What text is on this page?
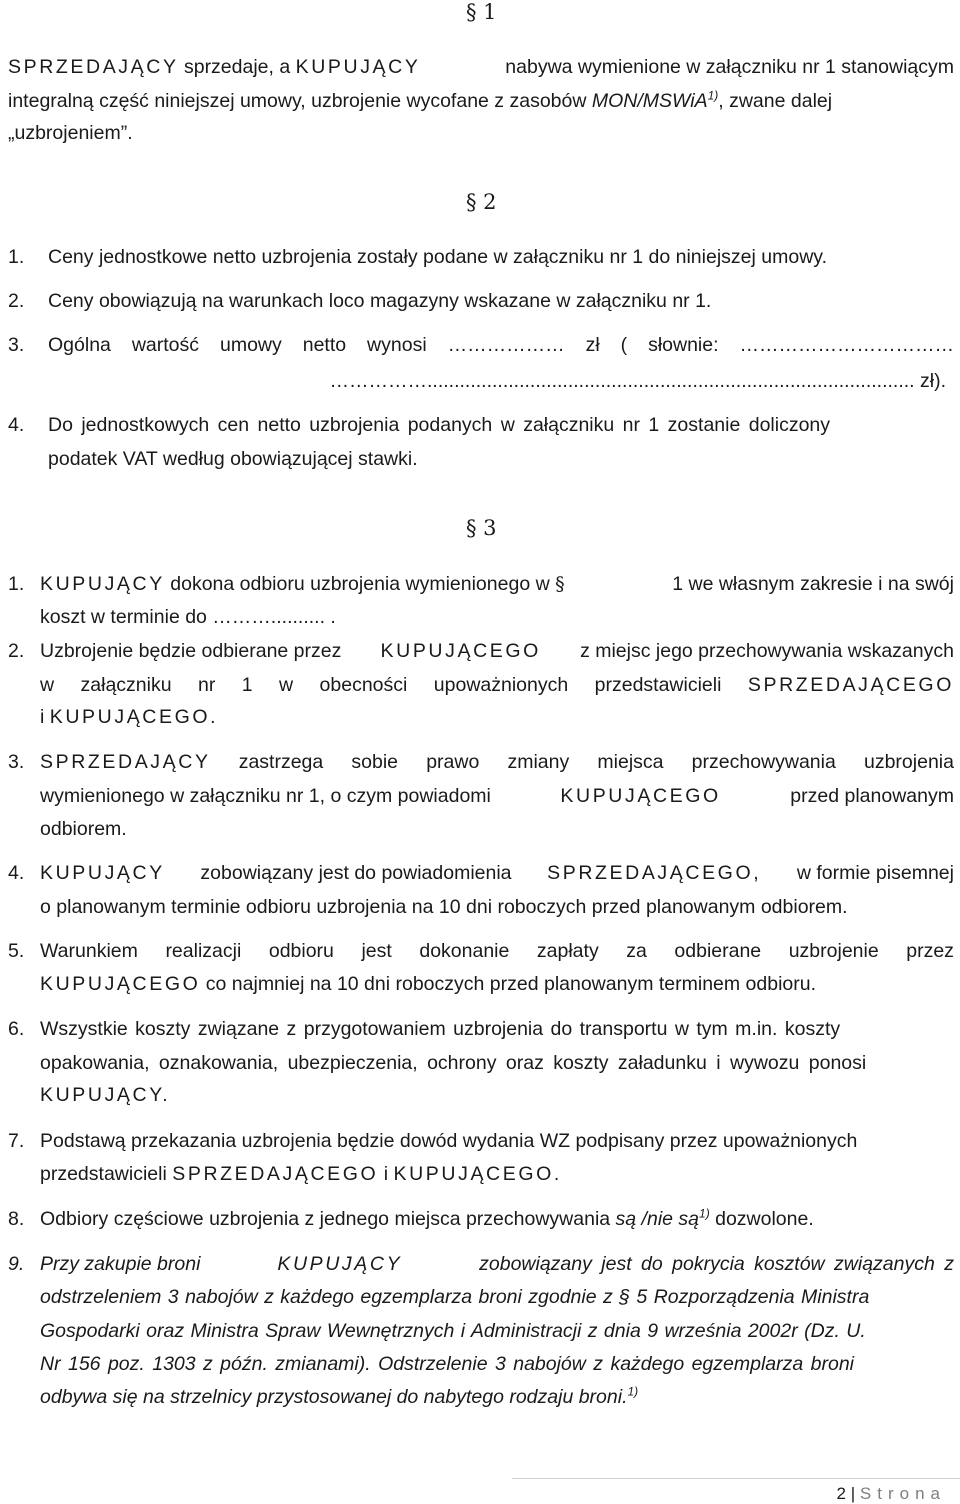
§ 1
SPRZEDAJĄCY sprzedaje, a KUPUJĄCY	nabywa wymienione w załączniku nr 1 stanowiącym
integralną część niniejszej umowy, uzbrojenie wycofane z zasobów MON/MSWiA$^{1)}$, zwane dalej
„uzbrojeniem”.
§ 2
1. Ceny jednostkowe netto uzbrojenia zostały podane w załączniku nr 1 do niniejszej umowy.
2. Ceny obowiązują na warunkach loco magazyny wskazane w załączniku nr 1.
3. Ogólna wartość umowy netto wynosi ……………… zł ( słownie: ……………………………
…………….......................................................................................... zł).
4. Do jednostkowych cen netto uzbrojenia podanych w załączniku nr 1 zostanie doliczony
podatek VAT według obowiązującej stawki.
§ 3
1. KUPUJĄCY dokona odbioru uzbrojenia wymienionego w §	1 we własnym zakresie i na swój
koszt w terminie do ……….......... .
2. Uzbrojenie będzie odbierane przez KUPUJĄCEGO z miejsc jego przechowywania wskazanych
w załączniku nr 1 w obecności upoważnionych przedstawicieli SPRZEDAJĄCEGO
i KUPUJĄCEGO.
3. SPRZEDAJĄCY zastrzega sobie prawo zmiany miejsca przechowywania uzbrojenia
wymienionego w załączniku nr 1, o czym powiadomi	KUPUJĄCEGO	przed planowanym
odbiorem.
4. KUPUJĄCY zobowiązany jest do powiadomienia SPRZEDAJĄCEGO, w formie pisemnej
o planowanym terminie odbioru uzbrojenia na 10 dni roboczych przed planowanym odbiorem.
5. Warunkiem realizacji odbioru jest dokonanie zapłaty za odbierane uzbrojenie przez
KUPUJĄCEGO co najmniej na 10 dni roboczych przed planowanym terminem odbioru.
6. Wszystkie koszty związane z przygotowaniem uzbrojenia do transportu w tym m.in. koszty
opakowania, oznakowania, ubezpieczenia, ochrony oraz koszty załadunku i wywozu ponosi
KUPUJĄCY.
7. Podstawą przekazania uzbrojenia będzie dowód wydania WZ podpisany przez upoważnionych
przedstawicieli SPRZEDAJĄCEGO i KUPUJĄCEGO.
8. Odbiory częściowe uzbrojenia z jednego miejsca przechowywania są /nie $są^{1)}$ dozwolone.
9. Przy zakupie broni	KUPUJĄCY	zobowiązany jest do pokrycia kosztów związanych z
odstrzeleniem 3 nabojów z każdego egzemplarza broni zgodnie z § 5 Rozporządzenia Ministra
Gospodarki oraz Ministra Spraw Wewnętrznych i Administracji z dnia 9 września 2002r (Dz. U.
Nr 156 poz. 1303 z późn. zmianami). Odstrzelenie 3 nabojów z każdego egzemplarza broni
odbywa się na strzelnicy przystosowanej do nabytego rodzaju broni.$^{1)}$
2 | Strona
